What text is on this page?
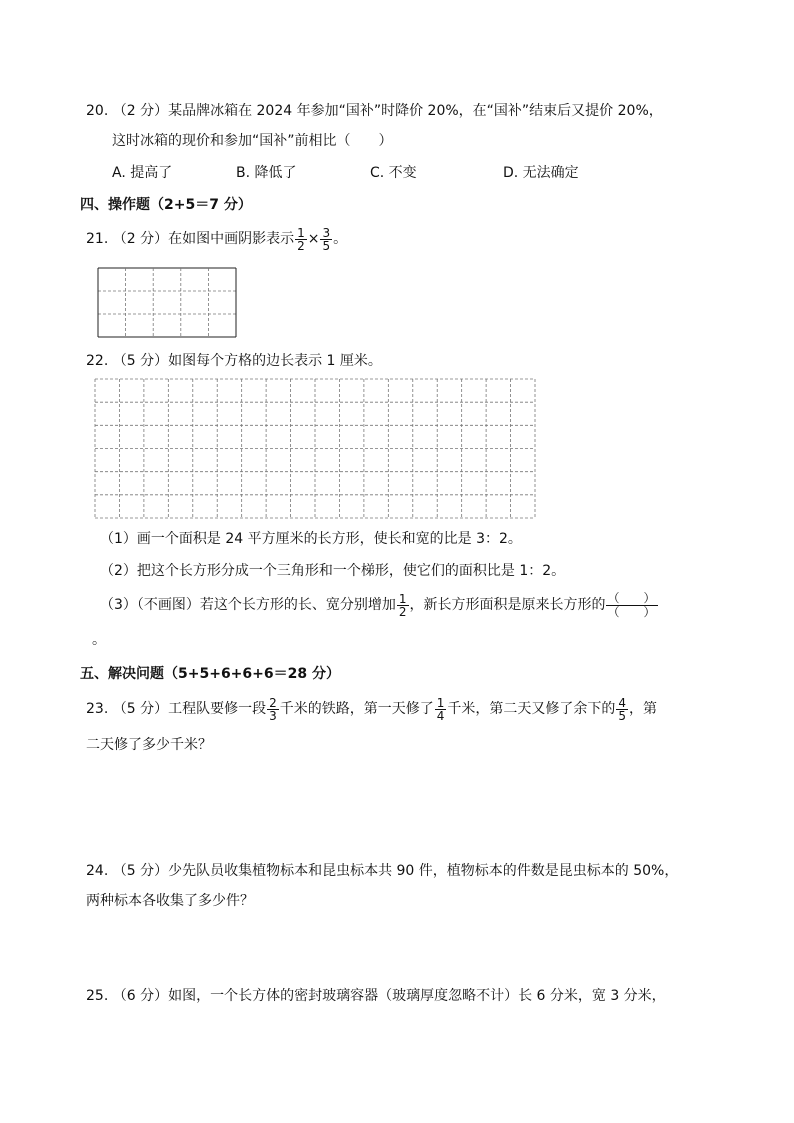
20. （2 分）某品牌冰箱在 2024 年参加“国补”时降价 20%，在“国补”结束后又提价 20%，
这时冰箱的现价和参加“国补”前相比（　　）
A. 提高了	B. 降低了	C. 不变	D. 无法确定
四、操作题（2+5＝7 分）
21. （2 分）在如图中画阴影表示 $\frac{1}{2} \times \frac{3}{5}$ 。
22. （5 分）如图每个方格的边长表示 1 厘米。
（1）画一个面积是 24 平方厘米的长方形，使长和宽的比是 3：2。
（2）把这个长方形分成一个三角形和一个梯形，使它们的面积比是 1：2。
（3）（不画图）若这个长方形的长、宽分别增加 $\frac{1}{2}$ ，新长方形面积是原来长方形的 $\frac{( )}{( )}$
。
五、解决问题（5+5+6+6+6＝28 分）
23. （5 分）工程队要修一段 $\frac{2}{3}$ 千米的铁路，第一天修了 $\frac{1}{4}$ 千米，第二天又修了余下的 $\frac{4}{5}$ ，第
二天修了多少千米？
24. （5 分）少先队员收集植物标本和昆虫标本共 90 件，植物标本的件数是昆虫标本的 50%，
两种标本各收集了多少件？
25. （6 分）如图，一个长方体的密封玻璃容器（玻璃厚度忽略不计）长 6 分米，宽 3 分米，
